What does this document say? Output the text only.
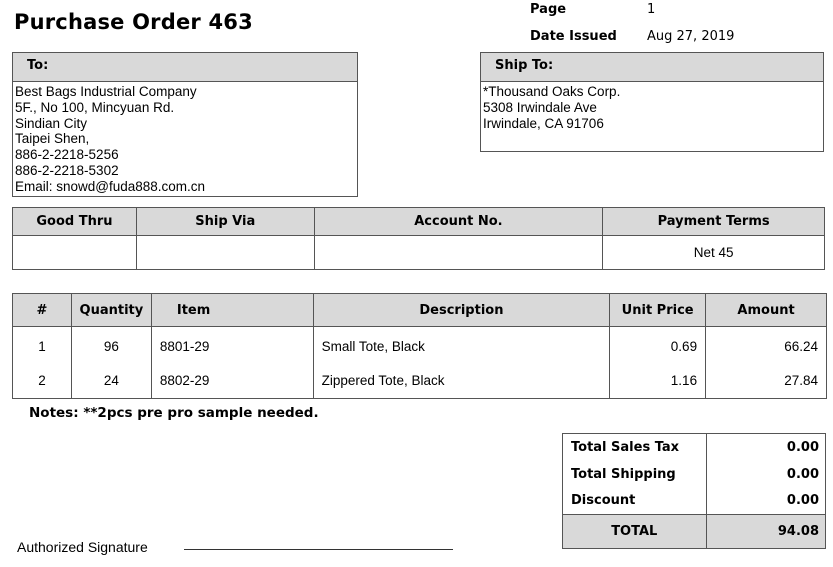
Purchase Order 463
Page	1
Date Issued Aug 27, 2019
To:
Best Bags Industrial Company
5F., No 100, Mincyuan Rd.
Sindian City
Taipei Shen,
886-2-2218-5256
886-2-2218-5302
Email: snowd@fuda888.com.cn
Ship To:
*Thousand Oaks Corp.
5308 Irwindale Ave
Irwindale, CA 91706
Good Thru	Ship Via	Account No.	Payment Terms
			Net 45
#	Quantity	Item	Description	Unit Price	Amount
1	96	8801-29	Small Tote, Black	0.69	66.24
2	24	8802-29	Zippered Tote, Black	1.16	27.84
Notes: **2pcs pre pro sample needed.
Total Sales Tax	0.00
Total Shipping	0.00
Discount	0.00
TOTAL	94.08
Authorized Signature
